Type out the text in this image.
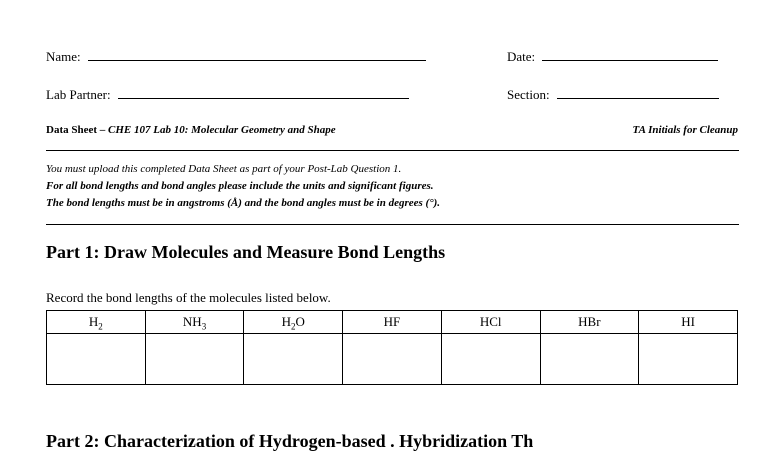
Name:	Date:
Lab Partner:	Section:
Data Sheet – CHE 107 Lab 10: Molecular Geometry and Shape	TA Initials for Cleanup
You must upload this completed Data Sheet as part of your Post-Lab Question 1.
For all bond lengths and bond angles please include the units and significant figures.
The bond lengths must be in angstroms (Å) and the bond angles must be in degrees (°).
Part 1: Draw Molecules and Measure Bond Lengths
Record the bond lengths of the molecules listed below.
$H_2$	$NH_3$	$H_2O$	HF	HCl	HBr	HI

Part 2: Characterization of Hydrogen-based . Hybridization Th
